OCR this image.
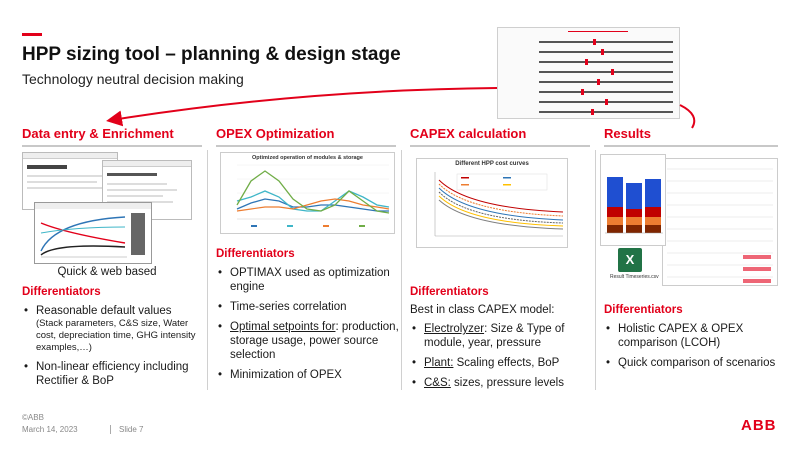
HPP sizing tool – planning & design stage
Technology neutral decision making
Data entry & Enrichment
Quick & web based
Differentiators
• Reasonable default values
(Stack parameters, C&S size, Water cost, depreciation time, GHG intensity examples,…)
• Non-linear efficiency including Rectifier & BoP
OPEX Optimization
Optimized operation of modules & storage
Differentiators
• OPTIMAX used as optimization engine
• Time-series correlation
• Optimal setpoints for: production, storage usage, power source selection
• Minimization of OPEX
CAPEX calculation
Different HPP cost curves
Differentiators
Best in class CAPEX model:
• Electrolyzer: Size & Type of module, year, pressure
• Plant: Scaling effects, BoP
• C&S: sizes, pressure levels
Results
X
Result Timeseries.csv
Differentiators
• Holistic CAPEX & OPEX comparison (LCOH)
• Quick comparison of scenarios
©ABB
March 14, 2023	Slide 7	ABB
